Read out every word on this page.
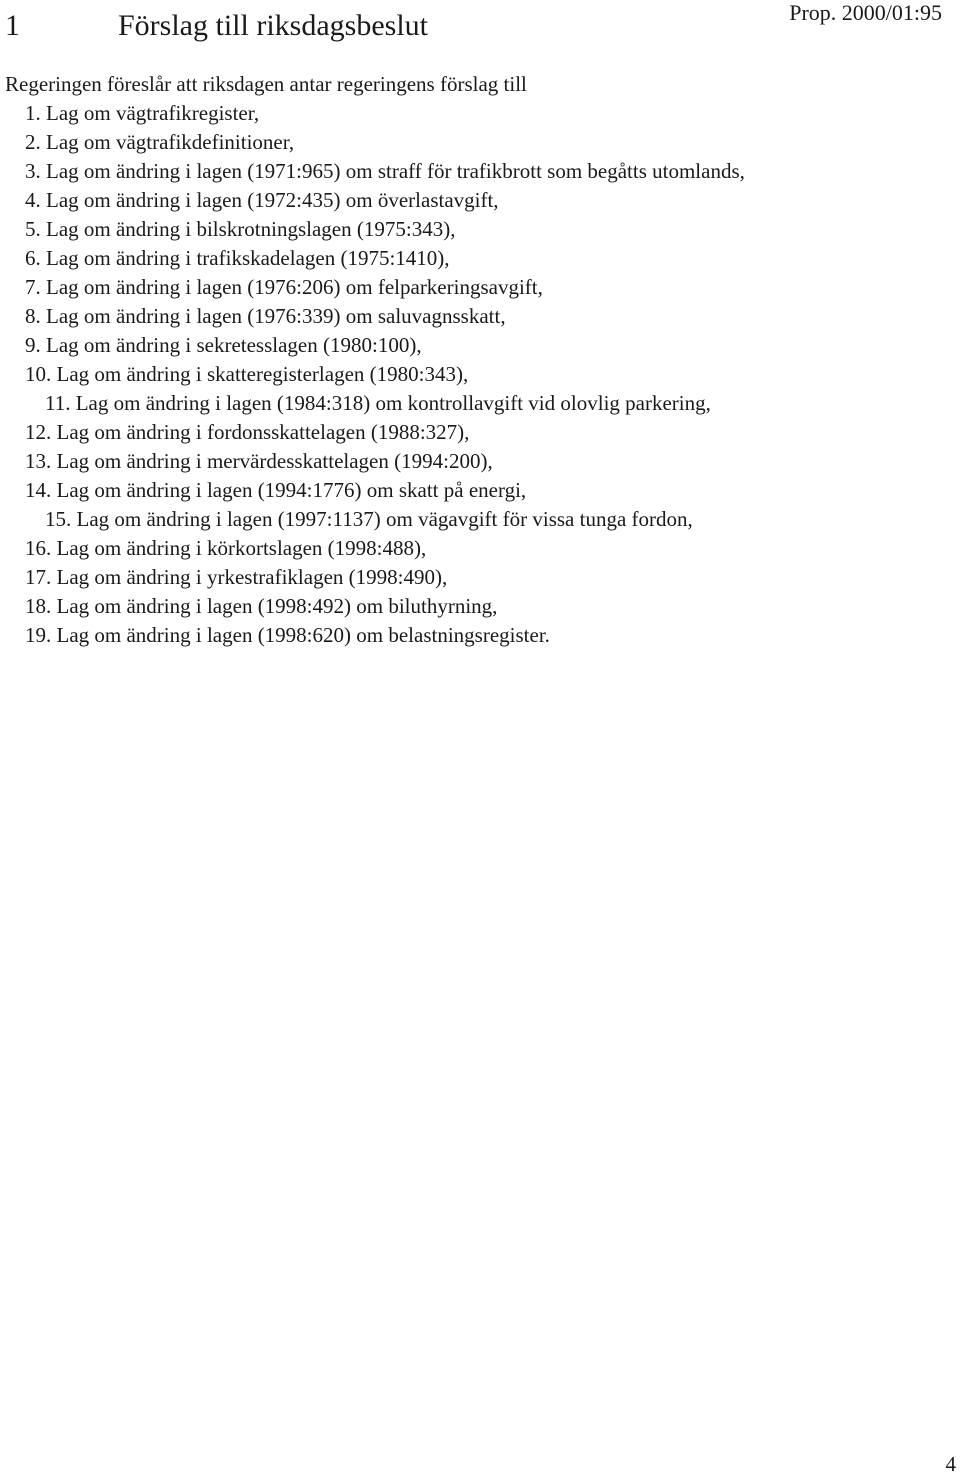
1	Förslag till riksdagsbeslut	Prop. 2000/01:95
Regeringen föreslår att riksdagen antar regeringens förslag till
1. Lag om vägtrafikregister,
2. Lag om vägtrafikdefinitioner,
3. Lag om ändring i lagen (1971:965) om straff för trafikbrott som begåtts utomlands,
4. Lag om ändring i lagen (1972:435) om överlastavgift,
5. Lag om ändring i bilskrotningslagen (1975:343),
6. Lag om ändring i trafikskadelagen (1975:1410),
7. Lag om ändring i lagen (1976:206) om felparkeringsavgift,
8. Lag om ändring i lagen (1976:339) om saluvagnsskatt,
9. Lag om ändring i sekretesslagen (1980:100),
10. Lag om ändring i skatteregisterlagen (1980:343),
11. Lag om ändring i lagen (1984:318) om kontrollavgift vid olovlig parkering,
12. Lag om ändring i fordonsskattelagen (1988:327),
13. Lag om ändring i mervärdesskattelagen (1994:200),
14. Lag om ändring i lagen (1994:1776) om skatt på energi,
15. Lag om ändring i lagen (1997:1137) om vägavgift för vissa tunga fordon,
16. Lag om ändring i körkortslagen (1998:488),
17. Lag om ändring i yrkestrafiklagen (1998:490),
18. Lag om ändring i lagen (1998:492) om biluthyrning,
19. Lag om ändring i lagen (1998:620) om belastningsregister.
4
